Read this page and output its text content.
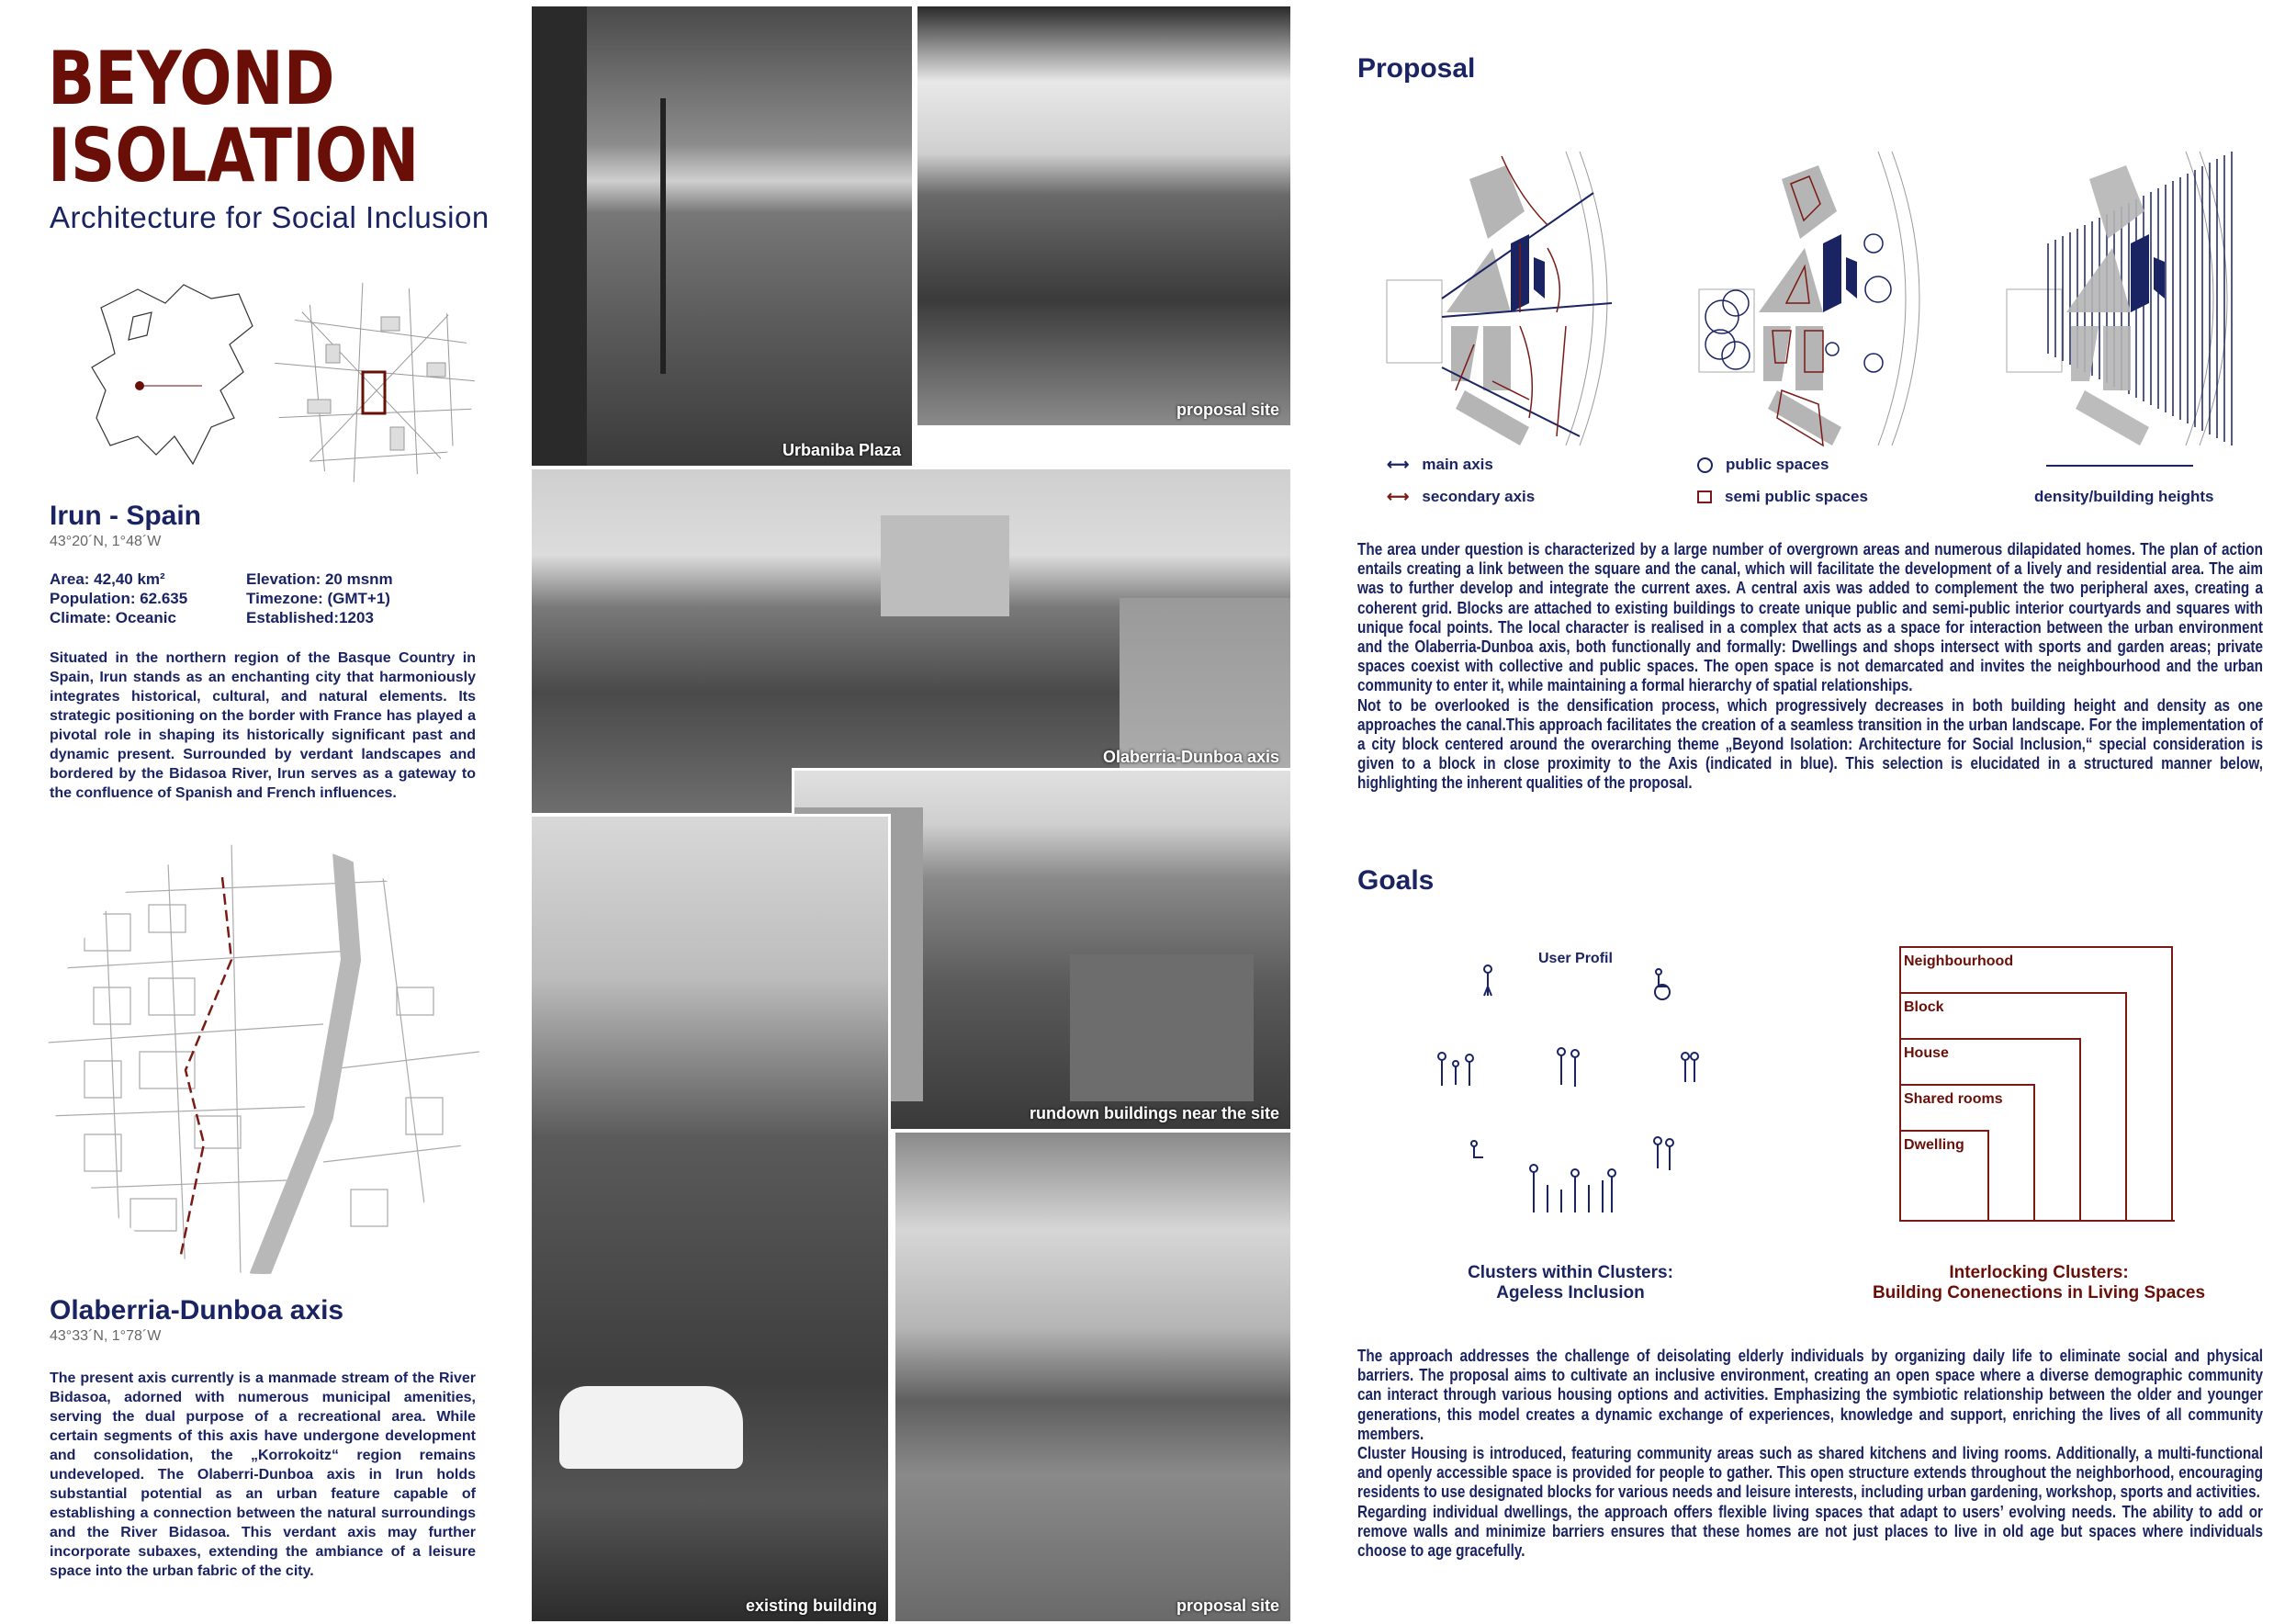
BEYOND
ISOLATION
Architecture for Social Inclusion
Irun - Spain
43°20´N, 1°48´W
Area: 42,40 km²	Elevation: 20 msnm
Population: 62.635	Timezone: (GMT+1)
Climate: Oceanic	Established:1203
Situated in the northern region of the Basque Country in Spain, Irun stands as an enchanting city that harmoniously integrates historical, cultural, and natural elements. Its strategic positioning on the border with France has played a pivotal role in shaping its historically significant past and dynamic present. Surrounded by verdant landscapes and bordered by the Bidasoa River, Irun serves as a gateway to the confluence of Spanish and French influences.
Olaberria-Dunboa axis
43°33´N, 1°78´W
The present axis currently is a manmade stream of the River Bidasoa, adorned with numerous municipal amenities, serving the dual purpose of a recreational area. While certain segments of this axis have undergone development and consolidation, the „Korrokoitz“ region remains undeveloped. The Olaberri-Dunboa axis in Irun holds substantial potential as an urban feature capable of establishing a connection between the natural surroundings and the River Bidasoa. This verdant axis may further incorporate subaxes, extending the ambiance of a leisure space into the urban fabric of the city.
Urbaniba Plaza
proposal site
Olaberria-Dunboa axis
rundown buildings near the site
existing building	proposal site
Proposal
⟷ main axis
⟷ secondary axis
public spaces
semi public spaces	density/building heights
The area under question is characterized by a large number of overgrown areas and numerous dilapidated homes. The plan of action entails creating a link between the square and the canal, which will facilitate the development of a lively and residential area. The aim was to further develop and integrate the current axes. A central axis was added to complement the two peripheral axes, creating a coherent grid. Blocks are attached to existing buildings to create unique public and semi-public interior courtyards and squares with unique focal points. The local character is realised in a complex that acts as a space for interaction between the urban environment and the Olaberria-Dunboa axis, both functionally and formally: Dwellings and shops intersect with sports and garden areas; private spaces coexist with collective and public spaces. The open space is not demarcated and invites the neighbourhood and the urban community to enter it, while maintaining a formal hierarchy of spatial relationships.
Not to be overlooked is the densification process, which progressively decreases in both building height and density as one approaches the canal.This approach facilitates the creation of a seamless transition in the urban landscape. For the implementation of a city block centered around the overarching theme „Beyond Isolation: Architecture for Social Inclusion,“ special consideration is given to a block in close proximity to the Axis (indicated in blue). This selection is elucidated in a structured manner below, highlighting the inherent qualities of the proposal.
Goals
User Profil
Clusters within Clusters:
Ageless Inclusion
Neighbourhood
Block
House
Shared rooms
Dwelling
Interlocking Clusters:
Building Conenections in Living Spaces
The approach addresses the challenge of deisolating elderly individuals by organizing daily life to eliminate social and physical barriers. The proposal aims to cultivate an inclusive environment, creating an open space where a diverse demographic community can interact through various housing options and activities. Emphasizing the symbiotic relationship between the older and younger generations, this model creates a dynamic exchange of experiences, knowledge and support, enriching the lives of all community members.
Cluster Housing is introduced, featuring community areas such as shared kitchens and living rooms. Additionally, a multi-functional and openly accessible space is provided for people to gather. This open structure extends throughout the neighborhood, encouraging residents to use designated blocks for various needs and leisure interests, including urban gardening, workshop, sports and activities.
Regarding individual dwellings, the approach offers flexible living spaces that adapt to users’ evolving needs. The ability to add or remove walls and minimize barriers ensures that these homes are not just places to live in old age but spaces where individuals choose to age gracefully.
